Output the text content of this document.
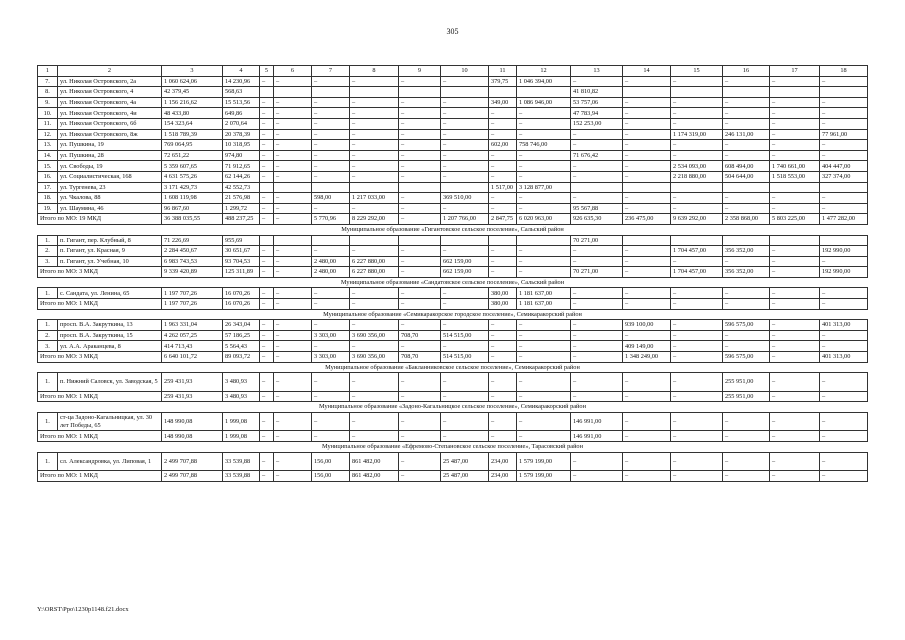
305
1	2	3	4	5	6	7	8	9	10	11	12	13	14	15	16	17	18
7.	ул. Николая Островского, 2а	1 060 624,06	14 230,96	–	–	–	–	–	–	379,75	1 046 394,00	–	–	–	–	–	–
8.	ул. Николая Островского, 4	42 379,45	568,63									41 810,82					
9.	ул. Николая Островского, 4а	1 156 216,62	15 513,56	–	–	–	–	–	–	349,00	1 086 946,00	53 757,06	–	–	–	–	–
10.	ул. Николая Островского, 4и	48 433,80	649,86	–	–	–	–	–	–	–	–	47 783,94	–	–	–	–	–
11.	ул. Николая Островского, 6б	154 323,64	2 070,64	–	–	–	–	–	–	–	–	152 253,00	–	–	–	–	–
12.	ул. Николая Островского, 8ж	1 518 789,39	20 378,39	–	–	–	–	–	–	–	–	–	–	1 174 319,00	246 131,00	–	77 961,00
13.	ул. Пушкина, 19	769 064,95	10 318,95	–	–	–	–	–	–	602,00	758 746,00	–	–	–	–	–	–
14.	ул. Пушкина, 28	72 651,22	974,80	–	–	–	–	–	–	–	–	71 676,42	–	–	–	–	–
15.	ул. Свободы, 19	5 359 607,65	71 912,65	–	–	–	–	–	–	–	–	–	–	2 534 093,00	608 494,00	1 740 661,00	404 447,00
16.	ул. Социалистическая, 168	4 631 575,26	62 144,26	–	–	–	–	–	–	–	–	–	–	2 218 880,00	504 644,00	1 518 553,00	327 374,00
17.	ул. Тургенева, 23	3 171 429,73	42 552,73							1 517,00	3 128 877,00						
18.	ул. Чкалова, 88	1 608 119,98	21 576,98	–	–	598,00	1 217 033,00	–	369 510,00	–	–	–	–	–	–	–	–
19.	ул. Шаумяна, 46	96 867,60	1 299,72	–	–	–	–	–	–	–	–	95 567,88	–	–	–	–	–
Итого по МО: 19 МКД		36 388 035,55	488 237,25	–	–	5 770,96	8 229 292,00	–	1 207 766,00	2 847,75	6 020 963,00	926 635,30	236 475,00	9 639 292,00	2 358 868,00	5 803 225,00	1 477 282,00
Муниципальное образование «Гигантовское сельское поселение», Сальский район																	
1.	п. Гигант, пер. Клубный, 8	71 226,69	955,69									70 271,00					
2.	п. Гигант, ул. Красная, 9	2 284 450,67	30 651,67	–	–	–	–	–	–	–	–	–	–	1 704 457,00	356 352,00	–	192 990,00
3.	п. Гигант, ул. Учебная, 10	6 983 743,53	93 704,53	–	–	2 480,00	6 227 880,00	–	662 159,00	–	–	–	–	–	–	–	–
Итого по МО: 3 МКД		9 339 420,89	125 311,89	–	–	2 480,00	6 227 880,00	–	662 159,00	–	–	70 271,00	–	1 704 457,00	356 352,00	–	192 990,00
Муниципальное образование «Сандатовское сельское поселение», Сальский район																	
1.	с. Сандата, ул. Ленина, 65	1 197 707,26	16 070,26	–	–	–	–	–	–	380,00	1 181 637,00	–	–	–	–	–	–
Итого по МО: 1 МКД		1 197 707,26	16 070,26	–	–	–	–	–	–	380,00	1 181 637,00	–	–	–	–	–	–
Муниципальное образование «Семикаракорское городское поселение», Семикаракорский район																	
1.	просп. В.А. Закруткина, 13	1 963 331,04	26 343,04	–	–	–	–	–	–	–	–	–	939 100,00	–	596 575,00	–	401 313,00
2.	просп. В.А. Закруткина, 15	4 262 057,25	57 186,25	–	–	3 303,00	3 690 356,00	708,70	514 515,00	–	–	–	–	–	–	–	–
3.	ул. А.А. Араканцева, 8	414 713,43	5 564,43	–	–	–	–	–	–	–	–	–	409 149,00	–	–	–	–
Итого по МО: 3 МКД		6 640 101,72	89 093,72	–	–	3 303,00	3 690 356,00	708,70	514 515,00	–	–	–	1 348 249,00	–	596 575,00	–	401 313,00
Муниципальное образование «Бакланниковское сельское поселение», Семикаракорский район																	
1.	п. Нижний Саловск, ул. Заводская, 5	259 431,93	3 480,93	–	–	–	–	–	–	–	–	–	–	–	255 951,00	–	–
Итого по МО: 1 МКД		259 431,93	3 480,93	–	–	–	–	–	–	–	–	–	–	–	255 951,00	–	–
Муниципальное образование «Задоно-Кагальницкое сельское поселение», Семикаракорский район																	
1.	ст-ца Задоно-Кагальницкая, ул. 30 лет Победы, 65	148 990,08	1 999,08	–	–	–	–	–	–	–	–	146 991,00	–	–	–	–	–
Итого по МО: 1 МКД		148 990,08	1 999,08	–	–	–	–	–	–	–	–	146 991,00	–	–	–	–	–
Муниципальное образование «Ефремово-Степановское сельское поселение», Тарасовский район																	
1.	сл. Александровка, ул. Липовая, 1	2 499 707,88	33 539,88	–	–	156,00	861 482,00	–	25 487,00	234,00	1 579 199,00	–	–	–	–	–	–
Итого по МО: 1 МКД		2 499 707,88	33 539,88	–	–	156,00	861 482,00	–	25 487,00	234,00	1 579 199,00	–	–	–	–	–	–
Y:\ORST\Ppo\1230p1148.f21.docx
